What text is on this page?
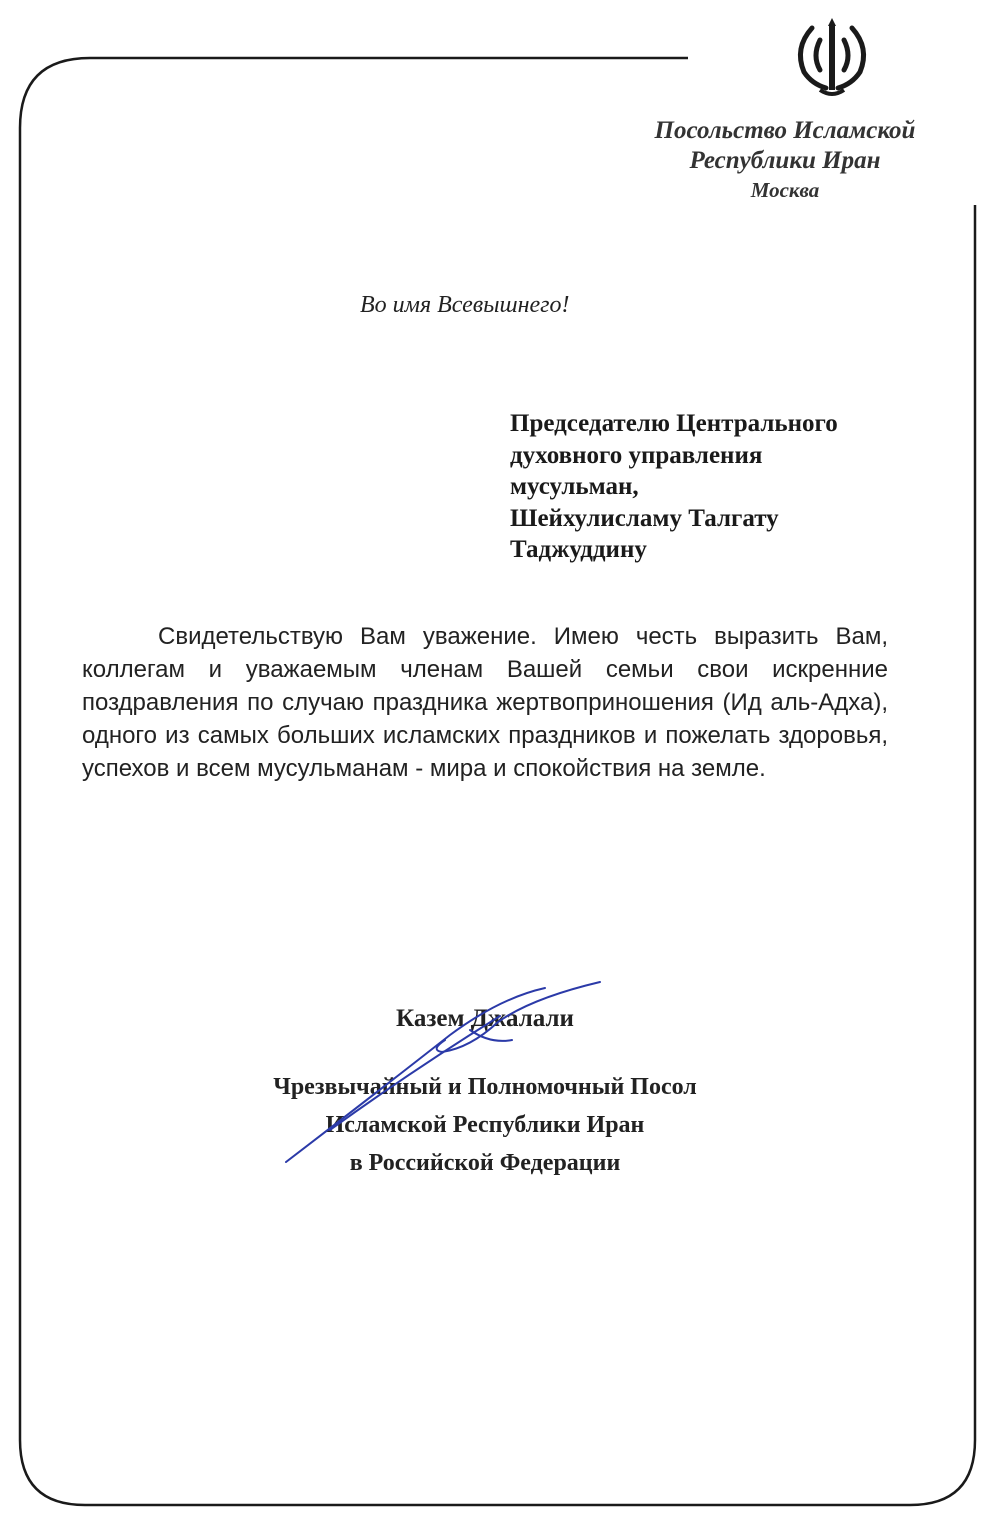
Посольство Исламской
Республики Иран
Москва
Во имя Всевышнего!
Председателю Центрального
духовного управления
мусульман,
Шейхулисламу Талгату
Таджуддину

Свидетельствую Вам уважение. Имею честь выразить Вам, коллегам и уважаемым членам Вашей семьи свои искренние поздравления по случаю праздника жертвоприношения (Ид аль-Адха), одного из самых больших исламских праздников и пожелать здоровья, успехов и всем мусульманам - мира и спокойствия на земле.

Казем Джалали
Чрезвычайный и Полномочный Посол
Исламской Республики Иран
в Российской Федерации
